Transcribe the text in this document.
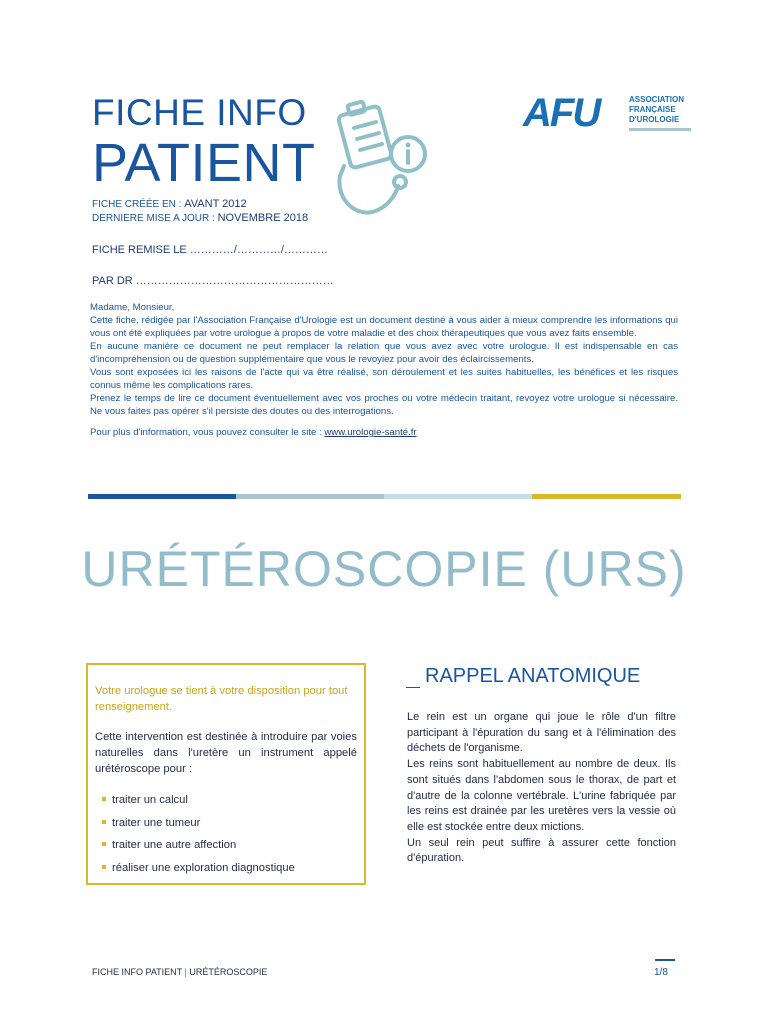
FICHE INFO
PATIENT
AFU	ASSOCIATION
FRANÇAISE
D'UROLOGIE
FICHE CRÉÉE EN : AVANT 2012
DERNIERE MISE A JOUR : NOVEMBRE 2018
FICHE REMISE LE …………/…………/…………
PAR DR ………………………………………………

Madame, Monsieur,

Cette fiche, rédigée par l'Association Française d'Urologie est un document destiné à vous aider à mieux comprendre les informations qui vous ont été expliquées par votre urologue à propos de votre maladie et des choix thérapeutiques que vous avez faits ensemble.

En aucune manière ce document ne peut remplacer la relation que vous avez avec votre urologue. Il est indispensable en cas d'incompréhension ou de question supplémentaire que vous le revoyiez pour avoir des éclaircissements.

Vous sont exposées ici les raisons de l'acte qui va être réalisé, son déroulement et les suites habituelles, les bénéfices et les risques connus même les complications rares.

Prenez le temps de lire ce document éventuellement avec vos proches ou votre médecin traitant, revoyez votre urologue si nécessaire. Ne vous faites pas opérer s'il persiste des doutes ou des interrogations.

Pour plus d'information, vous pouvez consulter le site : www.urologie-santé.fr

URÉTÉROSCOPIE (URS)
Votre urologue se tient à votre disposition pour tout renseignement.
Cette intervention est destinée à introduire par voies naturelles dans l'uretère un instrument appelé urétéroscope pour :
traiter un calcul
traiter une tumeur
traiter une autre affection
réaliser une exploration diagnostique
RAPPEL ANATOMIQUE

Le rein est un organe qui joue le rôle d'un filtre participant à l'épuration du sang et à l'élimination des déchets de l'organisme.

Les reins sont habituellement au nombre de deux. Ils sont situés dans l'abdomen sous le thorax, de part et d'autre de la colonne vertébrale. L'urine fabriquée par les reins est drainée par les uretères vers la vessie où elle est stockée entre deux mictions.

Un seul rein peut suffire à assurer cette fonction d'épuration.

FICHE INFO PATIENT | URÉTÉROSCOPIE	1/8
